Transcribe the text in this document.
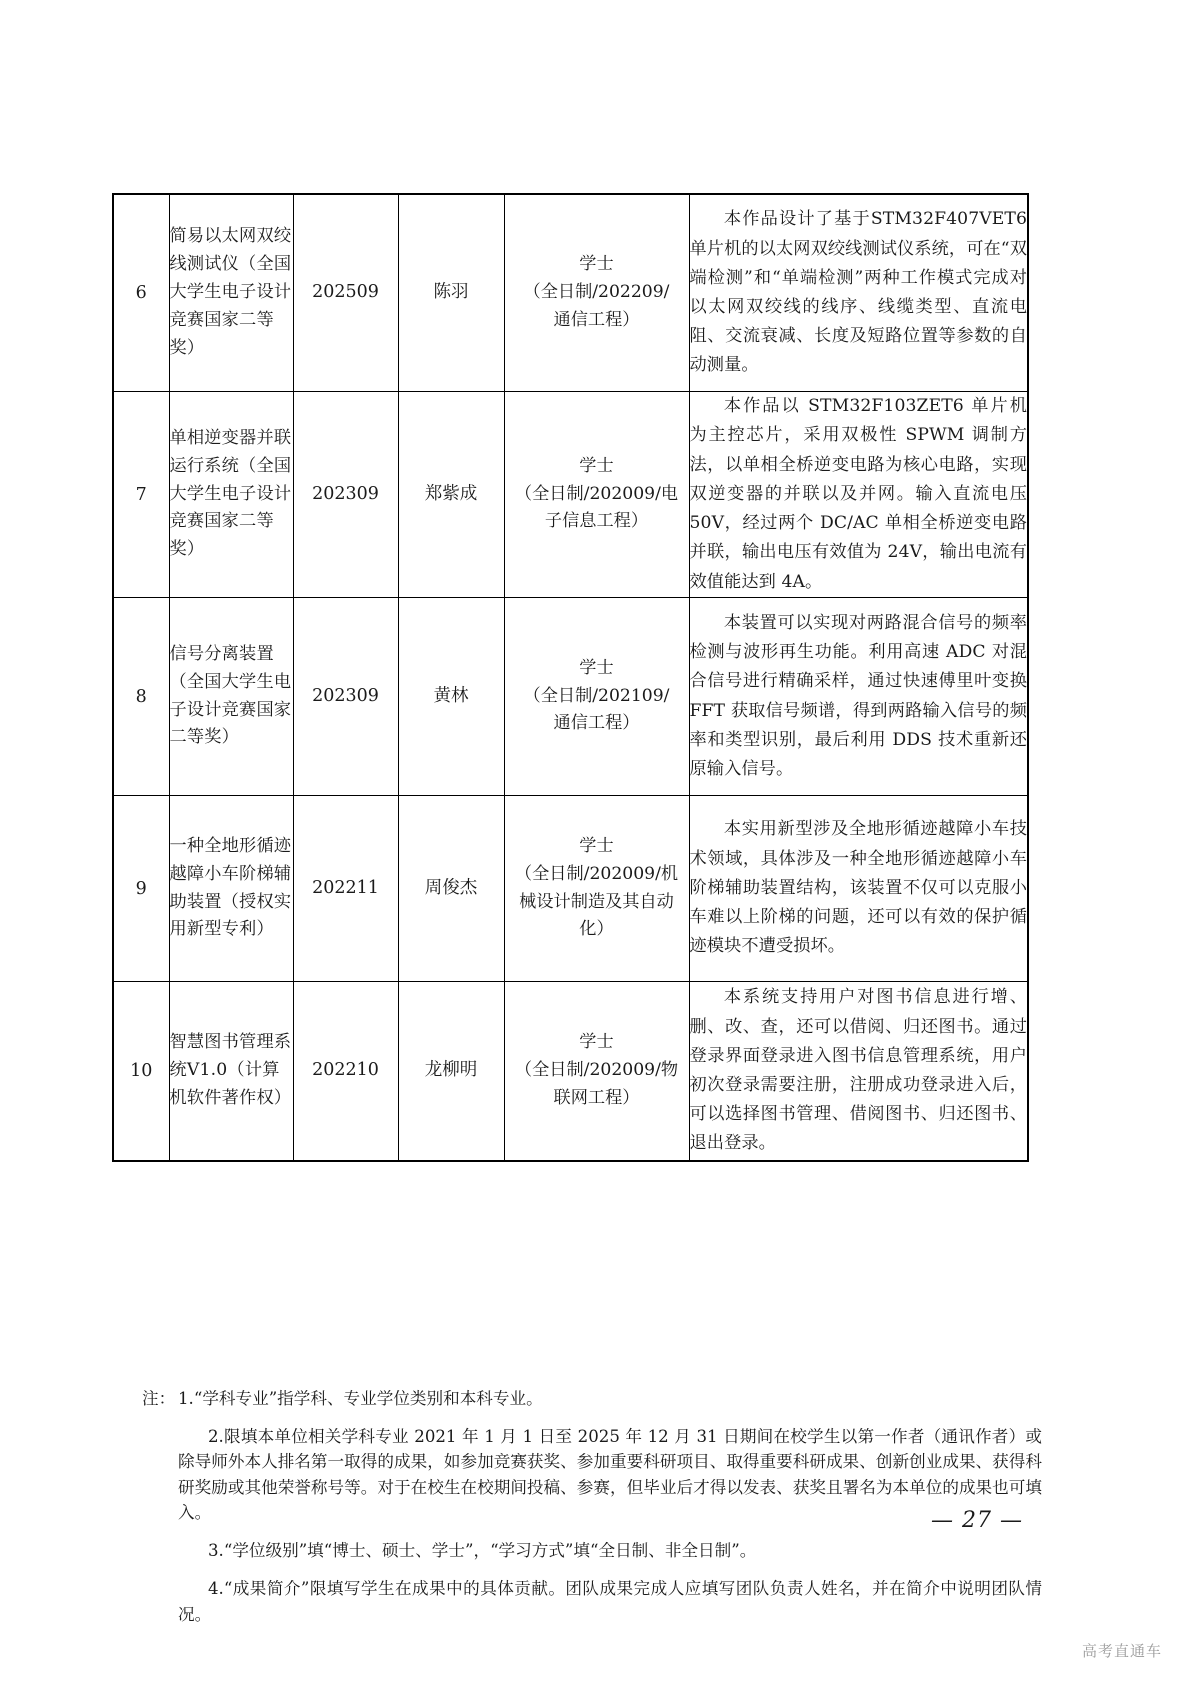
6	简易以太网双绞线测试仪（全国大学生电子设计竞赛国家二等奖）	202509	陈羽	学士
（全日制/202209/
通信工程）	本作品设计了基于STM32F407VET6单片机的以太网双绞线测试仪系统，可在“双端检测”和“单端检测”两种工作模式完成对以太网双绞线的线序、线缆类型、直流电阻、交流衰减、长度及短路位置等参数的自动测量。
7	单相逆变器并联运行系统（全国大学生电子设计竞赛国家二等奖）	202309	郑紫成	学士
（全日制/202009/电
子信息工程）	本作品以 STM32F103ZET6 单片机为主控芯片，采用双极性 SPWM 调制方法，以单相全桥逆变电路为核心电路，实现双逆变器的并联以及并网。输入直流电压 50V，经过两个 DC/AC 单相全桥逆变电路并联，输出电压有效值为 24V，输出电流有效值能达到 4A。
8	信号分离装置（全国大学生电子设计竞赛国家二等奖）	202309	黄林	学士
（全日制/202109/
通信工程）	本装置可以实现对两路混合信号的频率检测与波形再生功能。利用高速 ADC 对混合信号进行精确采样，通过快速傅里叶变换 FFT 获取信号频谱，得到两路输入信号的频率和类型识别，最后利用 DDS 技术重新还原输入信号。
9	一种全地形循迹越障小车阶梯辅助装置（授权实用新型专利）	202211	周俊杰	学士
（全日制/202009/机
械设计制造及其自动
化）	本实用新型涉及全地形循迹越障小车技术领域，具体涉及一种全地形循迹越障小车阶梯辅助装置结构，该装置不仅可以克服小车难以上阶梯的问题，还可以有效的保护循迹模块不遭受损坏。
10	智慧图书管理系统V1.0（计算机软件著作权）	202210	龙柳明	学士
（全日制/202009/物
联网工程）	本系统支持用户对图书信息进行增、删、改、查，还可以借阅、归还图书。通过登录界面登录进入图书信息管理系统，用户初次登录需要注册，注册成功登录进入后，可以选择图书管理、借阅图书、归还图书、退出登录。
注： 1.“学科专业”指学科、专业学位类别和本科专业。
2.限填本单位相关学科专业 2021 年 1 月 1 日至 2025 年 12 月 31 日期间在校学生以第一作者（通讯作者）或除导师外本人排名第一取得的成果，如参加竞赛获奖、参加重要科研项目、取得重要科研成果、创新创业成果、获得科研奖励或其他荣誉称号等。对于在校生在校期间投稿、参赛，但毕业后才得以发表、获奖且署名为本单位的成果也可填入。
3.“学位级别”填“博士、硕士、学士”，“学习方式”填“全日制、非全日制”。
4.“成果简介”限填写学生在成果中的具体贡献。团队成果完成人应填写团队负责人姓名，并在简介中说明团队情况。
— 27 —
高考直通车
